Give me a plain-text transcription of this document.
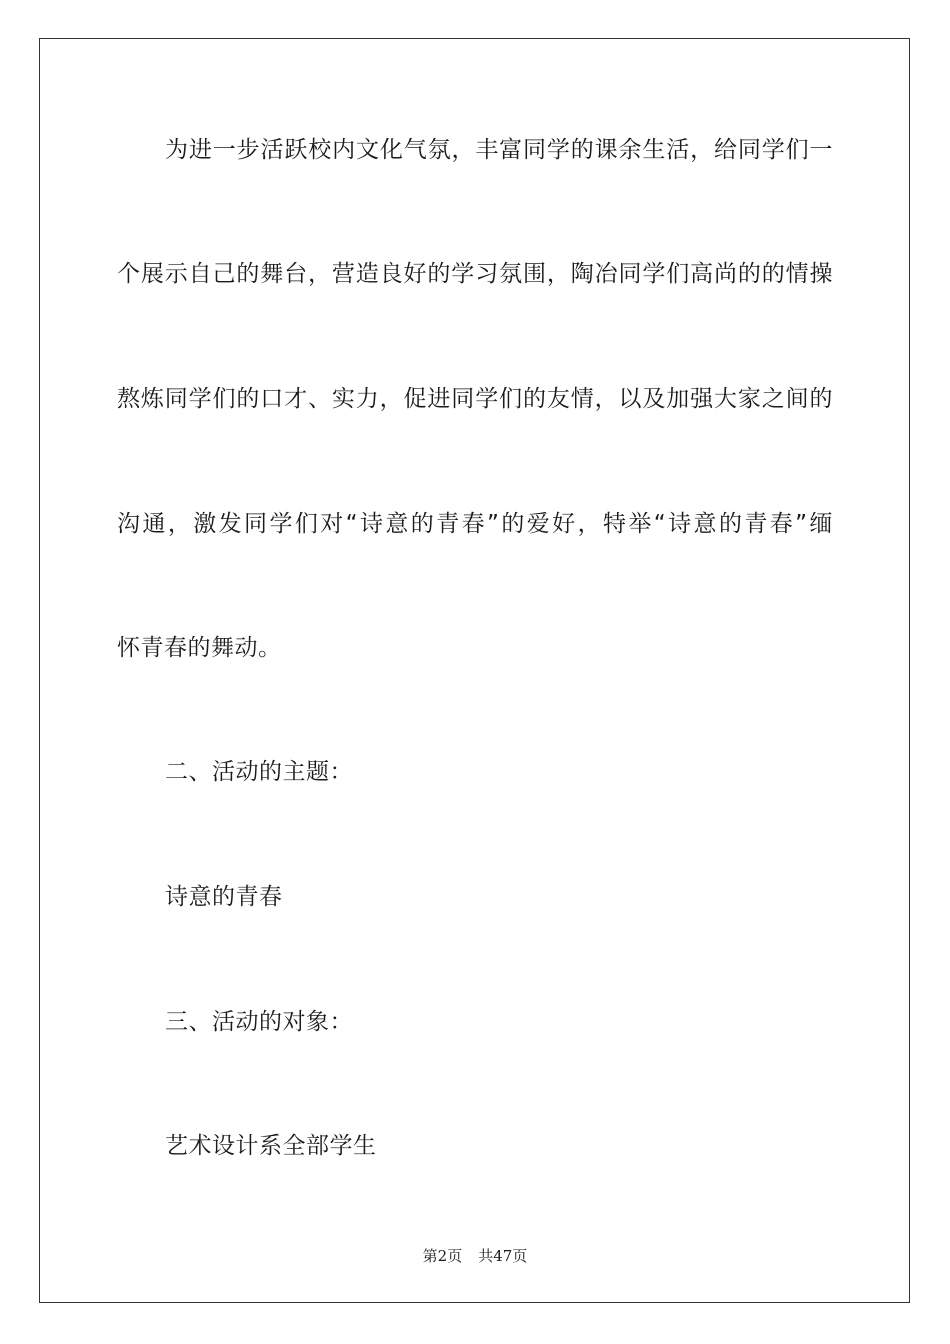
为进一步活跃校内文化气氛，丰富同学的课余生活，给同学们一
个展示自己的舞台，营造良好的学习氛围，陶冶同学们高尚的的情操
熬炼同学们的口才、实力，促进同学们的友情，以及加强大家之间的
沟通，激发同学们对“诗意的青春”的爱好，特举“诗意的青春”缅
怀青春的舞动。
二、活动的主题：
诗意的青春
三、活动的对象：
艺术设计系全部学生
第2页 共47页
